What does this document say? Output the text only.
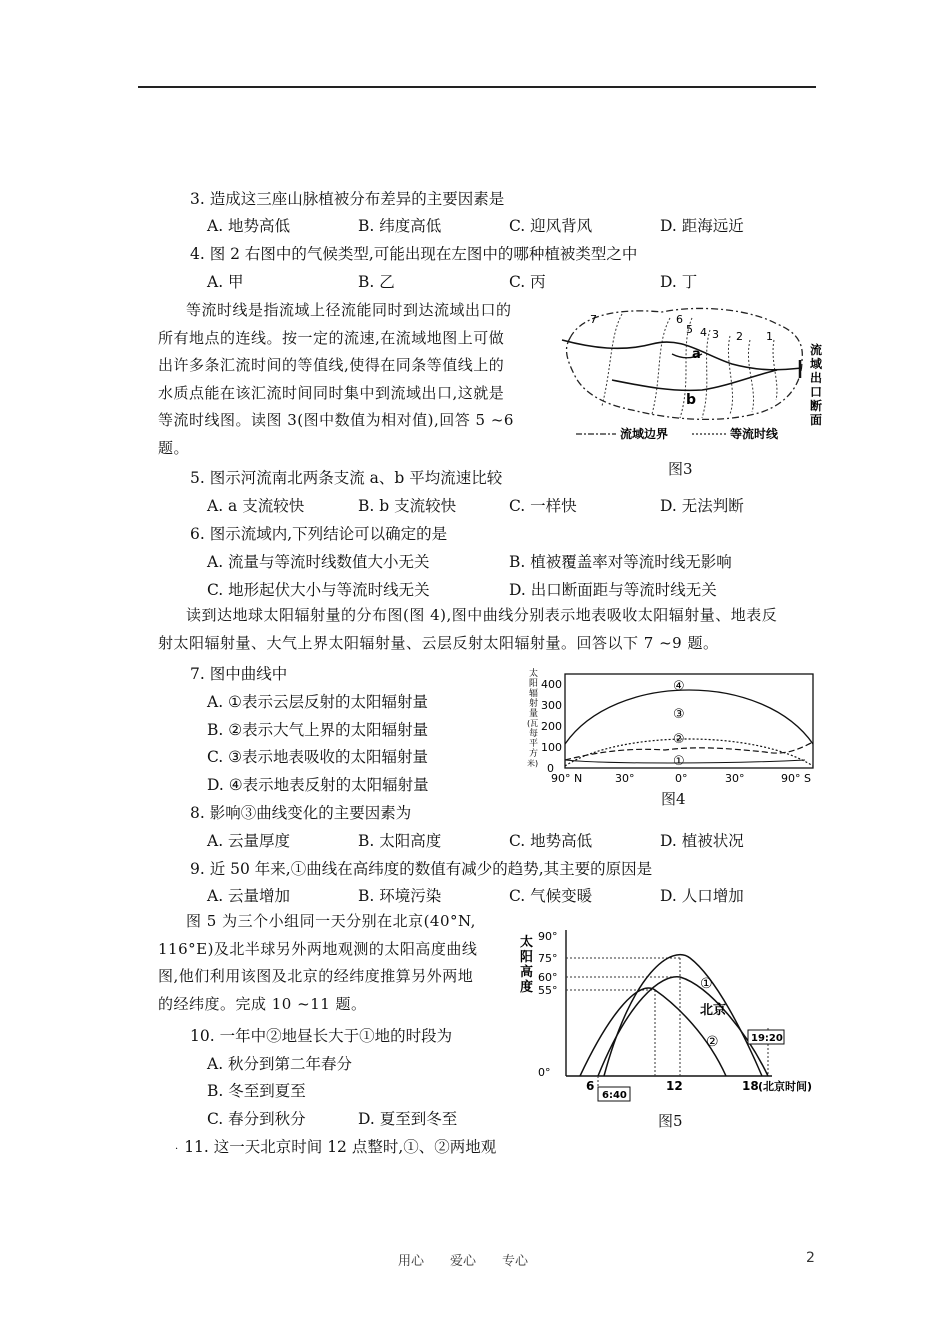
3. 造成这三座山脉植被分布差异的主要因素是
A. 地势高低	B. 纬度高低	C. 迎风背风	D. 距海远近
4. 图 2 右图中的气候类型,可能出现在左图中的哪种植被类型之中
A. 甲	B. 乙	C. 丙	D. 丁
等流时线是指流域上径流能同时到达流域出口的
所有地点的连线。按一定的流速,在流域地图上可做
出许多条汇流时间的等值线,使得在同条等值线上的
水质点能在该汇流时间同时集中到流域出口,这就是
等流时线图。读图 3(图中数值为相对值),回答 5 ~6
题。
7	6
5 4 3 2 1
a
b
流
域
出
口
断
面
流域边界	等流时线
图3
5. 图示河流南北两条支流 a、b 平均流速比较
A. a 支流较快	B. b 支流较快	C. 一样快	D. 无法判断
6. 图示流域内,下列结论可以确定的是
A. 流量与等流时线数值大小无关	B. 植被覆盖率对等流时线无影响
C. 地形起伏大小与等流时线无关	D. 出口断面距与等流时线无关
读到达地球太阳辐射量的分布图(图 4),图中曲线分别表示地表吸收太阳辐射量、地表反
射太阳辐射量、大气上界太阳辐射量、云层反射太阳辐射量。回答以下 7 ~9 题。
7. 图中曲线中
A. ①表示云层反射的太阳辐射量
B. ②表示大气上界的太阳辐射量
C. ③表示地表吸收的太阳辐射量
D. ④表示地表反射的太阳辐射量
太
阳
辐
射
量
(瓦
每
平
方
米)
400
300
200
100
0
④
③
②
①
90° N	30°	0°	30°	90° S
图4
8. 影响③曲线变化的主要因素为
A. 云量厚度	B. 太阳高度	C. 地势高低	D. 植被状况
9. 近 50 年来,①曲线在高纬度的数值有减少的趋势,其主要的原因是
A. 云量增加	B. 环境污染	C. 气候变暖	D. 人口增加
图 5 为三个小组同一天分别在北京(40°N,
116°E)及北半球另外两地观测的太阳高度曲线
图,他们利用该图及北京的经纬度推算另外两地
的经纬度。完成 10 ~11 题。
10. 一年中②地昼长大于①地的时段为
A. 秋分到第二年春分
B. 冬至到夏至
C. 春分到秋分	D. 夏至到冬至
· 11. 这一天北京时间 12 点整时,①、②两地观
太
阳
高
度
90°
75°
60°
55°
0°
①
北京
②	19:20
6:40
6	12	18 (北京时间)
图5
用心　　爱心　　专心	2
